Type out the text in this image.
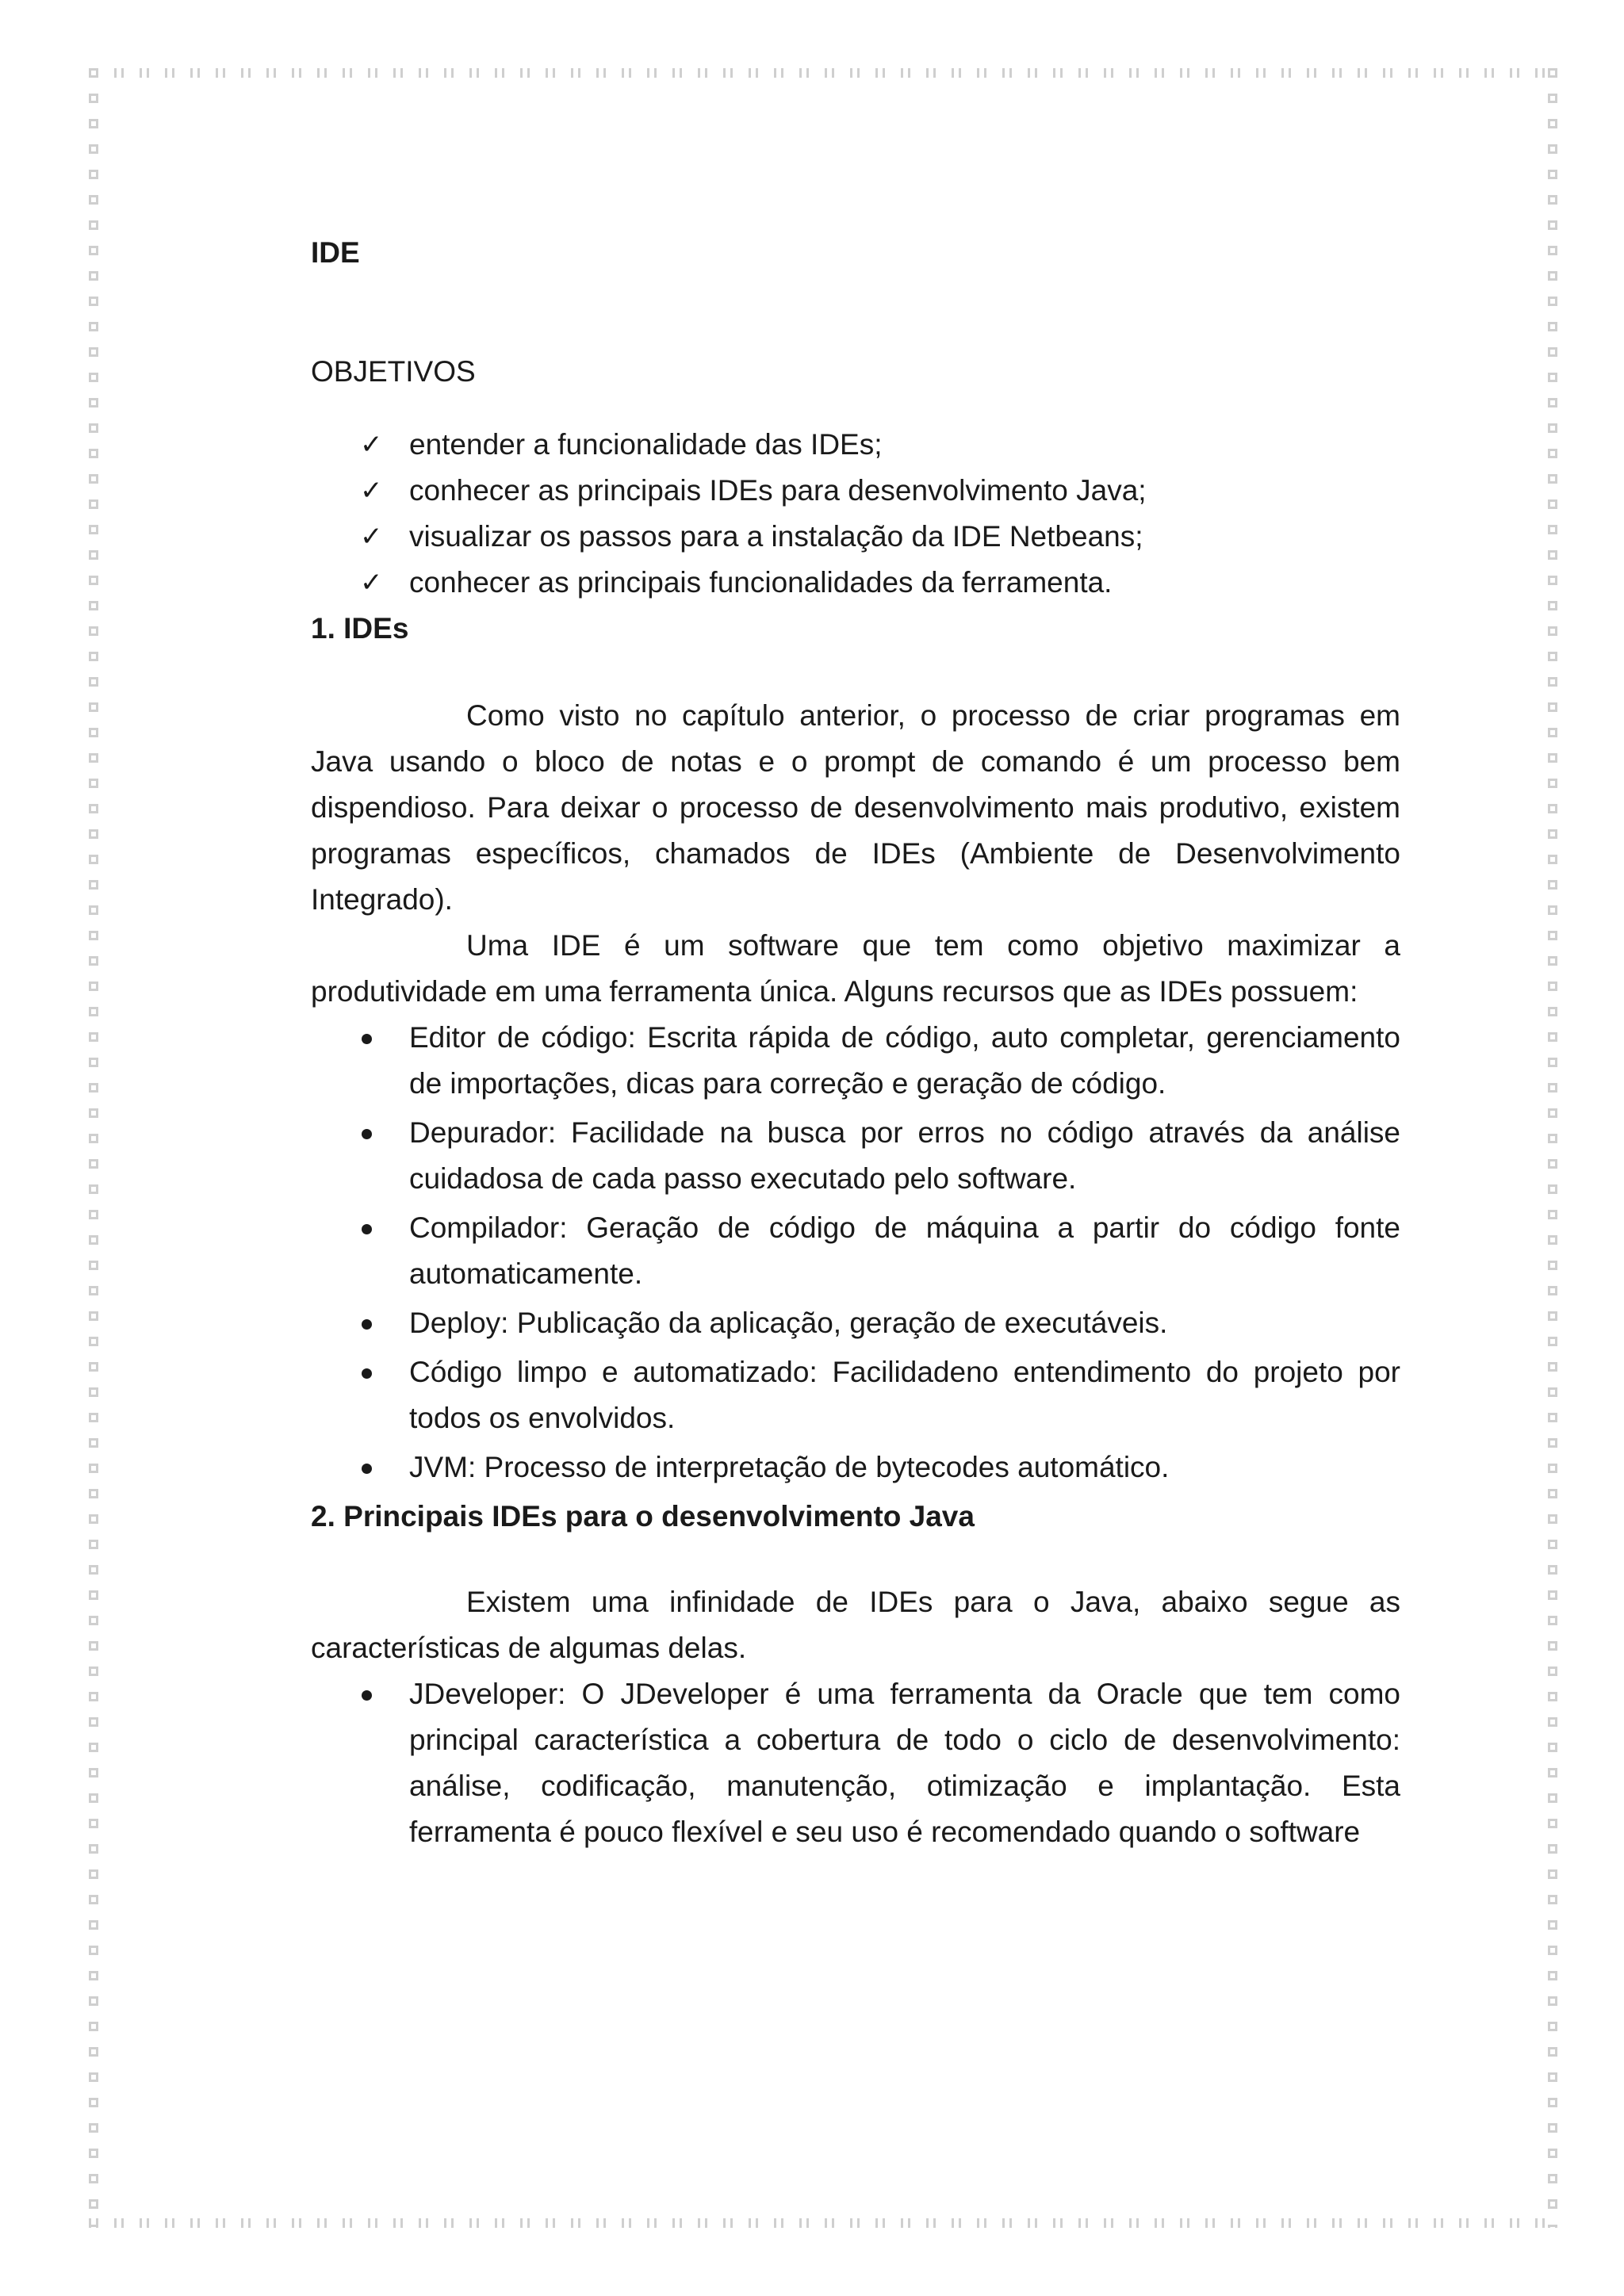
IDE

OBJETIVOS

✓ entender a funcionalidade das IDEs;
✓ conhecer as principais IDEs para desenvolvimento Java;
✓ visualizar os passos para a instalação da IDE Netbeans;
✓ conhecer as principais funcionalidades da ferramenta.
1. IDEs

Como visto no capítulo anterior, o processo de criar programas em Java usando o bloco de notas e o prompt de comando é um processo bem dispendioso. Para deixar o processo de desenvolvimento mais produtivo, existem programas específicos, chamados de IDEs (Ambiente de Desenvolvimento Integrado).

Uma IDE é um software que tem como objetivo maximizar a produtividade em uma ferramenta única. Alguns recursos que as IDEs possuem:

Editor de código: Escrita rápida de código, auto completar, gerenciamento de importações, dicas para correção e geração de código.
Depurador: Facilidade na busca por erros no código através da análise cuidadosa de cada passo executado pelo software.
Compilador: Geração de código de máquina a partir do código fonte automaticamente.
Deploy: Publicação da aplicação, geração de executáveis.
Código limpo e automatizado: Facilidadeno entendimento do projeto por todos os envolvidos.
JVM: Processo de interpretação de bytecodes automático.
2. Principais IDEs para o desenvolvimento Java

Existem uma infinidade de IDEs para o Java, abaixo segue as características de algumas delas.

JDeveloper: O JDeveloper é uma ferramenta da Oracle que tem como principal característica a cobertura de todo o ciclo de desenvolvimento: análise, codificação, manutenção, otimização e implantação. Esta ferramenta é pouco flexível e seu uso é recomendado quando o software
